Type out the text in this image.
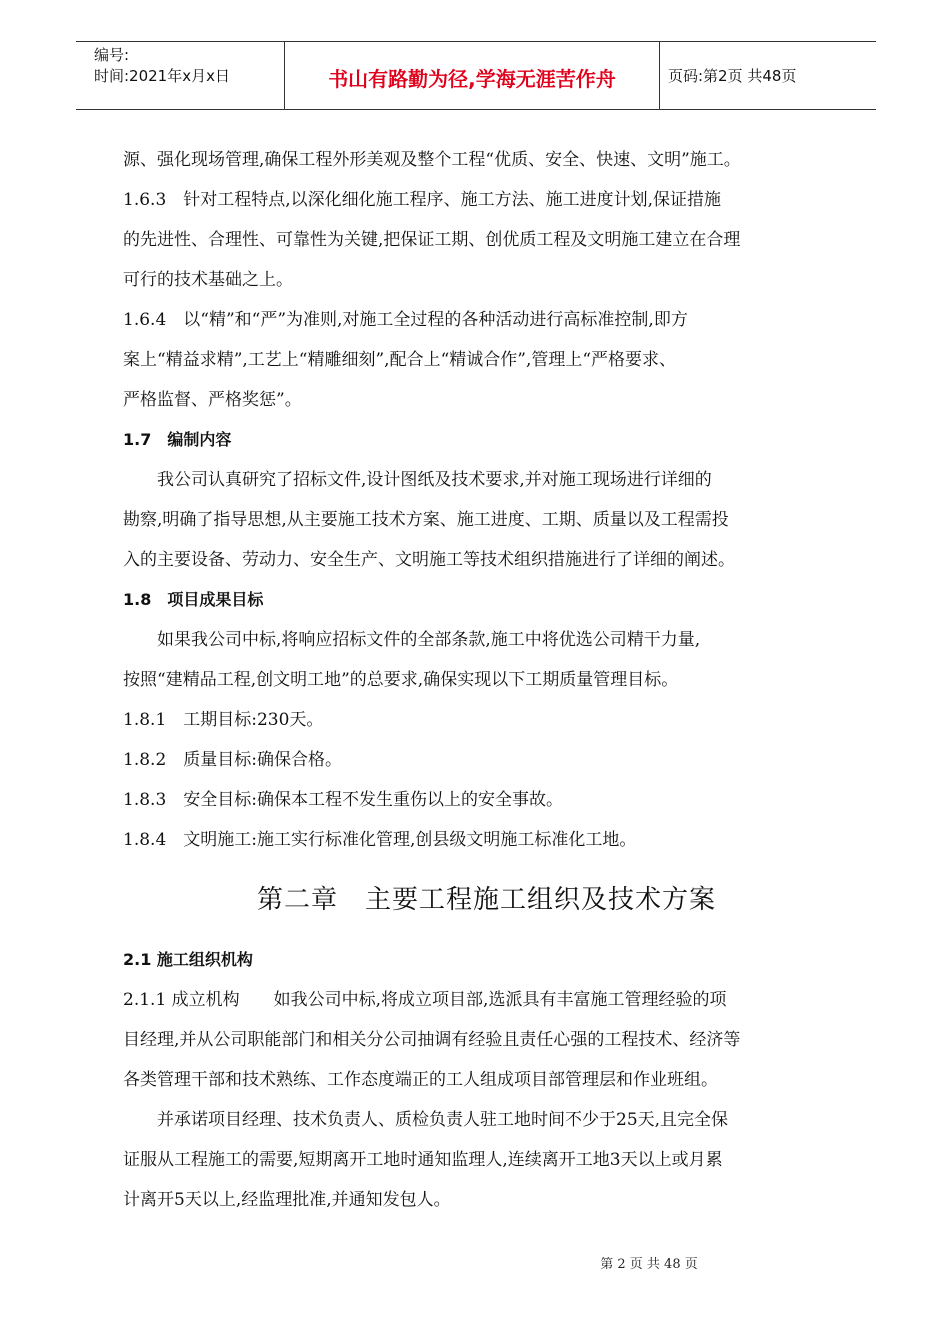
编号:
时间:2021年x月x日	书山有路勤为径,学海无涯苦作舟	页码:第2页 共48页
源、强化现场管理,确保工程外形美观及整个工程“优质、安全、快速、文明”施工。
1.6.3　针对工程特点,以深化细化施工程序、施工方法、施工进度计划,保证措施
的先进性、合理性、可靠性为关键,把保证工期、创优质工程及文明施工建立在合理
可行的技术基础之上。
1.6.4　以“精”和“严”为准则,对施工全过程的各种活动进行高标准控制,即方
案上“精益求精”,工艺上“精雕细刻”,配合上“精诚合作”,管理上“严格要求、
严格监督、严格奖惩”。
1.7　编制内容
我公司认真研究了招标文件,设计图纸及技术要求,并对施工现场进行详细的
勘察,明确了指导思想,从主要施工技术方案、施工进度、工期、质量以及工程需投
入的主要设备、劳动力、安全生产、文明施工等技术组织措施进行了详细的阐述。
1.8　项目成果目标
如果我公司中标,将响应招标文件的全部条款,施工中将优选公司精干力量,
按照“建精品工程,创文明工地”的总要求,确保实现以下工期质量管理目标。
1.8.1　工期目标:230天。
1.8.2　质量目标:确保合格。
1.8.3　安全目标:确保本工程不发生重伤以上的安全事故。
1.8.4　文明施工:施工实行标准化管理,创县级文明施工标准化工地。
第二章　主要工程施工组织及技术方案
2.1 施工组织机构
2.1.1 成立机构　　如我公司中标,将成立项目部,选派具有丰富施工管理经验的项
目经理,并从公司职能部门和相关分公司抽调有经验且责任心强的工程技术、经济等
各类管理干部和技术熟练、工作态度端正的工人组成项目部管理层和作业班组。
并承诺项目经理、技术负责人、质检负责人驻工地时间不少于25天,且完全保
证服从工程施工的需要,短期离开工地时通知监理人,连续离开工地3天以上或月累
计离开5天以上,经监理批准,并通知发包人。
第 2 页 共 48 页
